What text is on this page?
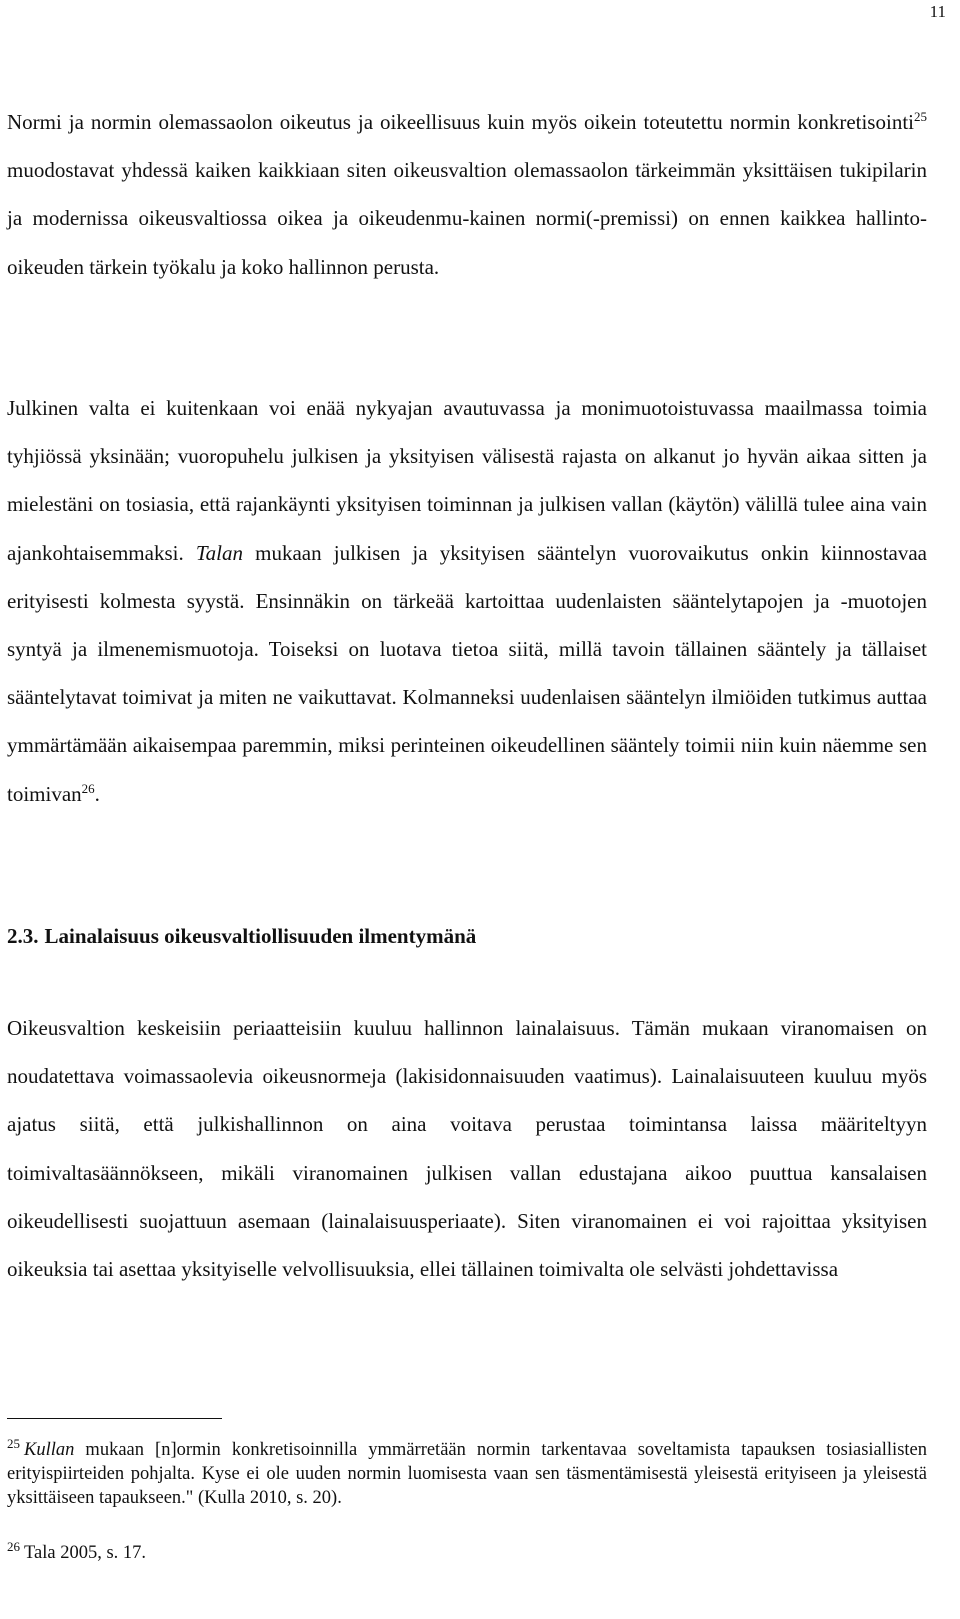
11

Normi ja normin olemassaolon oikeutus ja oikeellisuus kuin myös oikein toteutettu normin konkretisointi$^{25}$ muodostavat yhdessä kaiken kaikkiaan siten oikeusvaltion olemassaolon tärkeimmän yksittäisen tukipilarin ja modernissa oikeusvaltiossa oikea ja oikeudenmu-kainen normi(-premissi) on ennen kaikkea hallinto-oikeuden tärkein työkalu ja koko hallinnon perusta.

Julkinen valta ei kuitenkaan voi enää nykyajan avautuvassa ja monimuotoistuvassa maailmassa toimia tyhjiössä yksinään; vuoropuhelu julkisen ja yksityisen välisestä rajasta on alkanut jo hyvän aikaa sitten ja mielestäni on tosiasia, että rajankäynti yksityisen toiminnan ja julkisen vallan (käytön) välillä tulee aina vain ajankohtaisemmaksi. Talan mukaan julkisen ja yksityisen sääntelyn vuorovaikutus onkin kiinnostavaa erityisesti kolmesta syystä. Ensinnäkin on tärkeää kartoittaa uudenlaisten sääntelytapojen ja -muotojen syntyä ja ilmenemismuotoja. Toiseksi on luotava tietoa siitä, millä tavoin tällainen sääntely ja tällaiset sääntelytavat toimivat ja miten ne vaikuttavat. Kolmanneksi uudenlaisen sääntelyn ilmiöiden tutkimus auttaa ymmärtämään aikaisempaa paremmin, miksi perinteinen oikeudellinen sääntely toimii niin kuin näemme sen toimivan$^{26}$.

2.3. Lainalaisuus oikeusvaltiollisuuden ilmentymänä

Oikeusvaltion keskeisiin periaatteisiin kuuluu hallinnon lainalaisuus. Tämän mukaan viranomaisen on noudatettava voimassaolevia oikeusnormeja (lakisidonnaisuuden vaatimus). Lainalaisuuteen kuuluu myös ajatus siitä, että julkishallinnon on aina voitava perustaa toimintansa laissa määriteltyyn toimivaltasäännökseen, mikäli viranomainen julkisen vallan edustajana aikoo puuttua kansalaisen oikeudellisesti suojattuun asemaan (lainalaisuusperiaate). Siten viranomainen ei voi rajoittaa yksityisen oikeuksia tai asettaa yksityiselle velvollisuuksia, ellei tällainen toimivalta ole selvästi johdettavissa

$^{25}$ Kullan mukaan [n]ormin konkretisoinnilla ymmärretään normin tarkentavaa soveltamista tapauksen tosiasiallisten erityispiirteiden pohjalta. Kyse ei ole uuden normin luomisesta vaan sen täsmentämisestä yleisestä erityiseen ja yleisestä yksittäiseen tapaukseen." (Kulla 2010, s. 20).

$^{26}$ Tala 2005, s. 17.
